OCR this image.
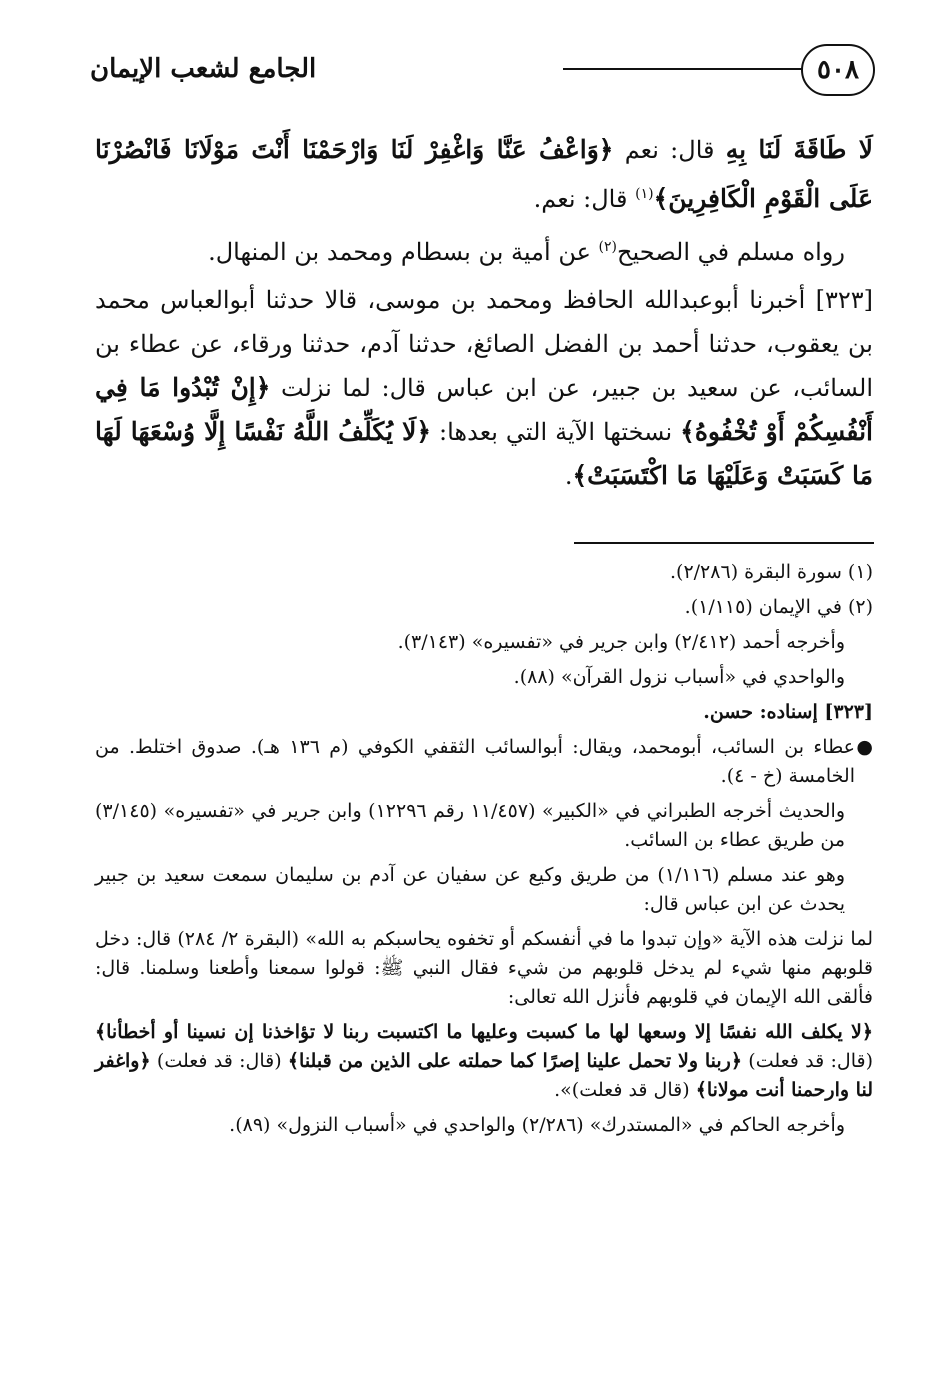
٥٠٨
الجامع لشعب الإيمان

لَا طَاقَةَ لَنَا بِهِ قال: نعم ﴿وَاعْفُ عَنَّا وَاغْفِرْ لَنَا وَارْحَمْنَا أَنْتَ مَوْلَانَا فَانْصُرْنَا عَلَى الْقَوْمِ الْكَافِرِينَ﴾$^{(١)}$ قال: نعم.

رواه مسلم في الصحيح$^{(٢)}$ عن أمية بن بسطام ومحمد بن المنهال.

[٣٢٣] أخبرنا أبوعبدالله الحافظ ومحمد بن موسى، قالا حدثنا أبوالعباس محمد بن يعقوب، حدثنا أحمد بن الفضل الصائغ، حدثنا آدم، حدثنا ورقاء، عن عطاء بن السائب، عن سعيد بن جبير، عن ابن عباس قال: لما نزلت ﴿إِنْ تُبْدُوا مَا فِي أَنْفُسِكُمْ أَوْ تُخْفُوهُ﴾ نسختها الآية التي بعدها: ﴿لَا يُكَلِّفُ اللَّهُ نَفْسًا إِلَّا وُسْعَهَا لَهَا مَا كَسَبَتْ وَعَلَيْهَا مَا اكْتَسَبَتْ﴾.

(١) سورة البقرة (٢/٢٨٦).

(٢) في الإيمان (١/١١٥).

وأخرجه أحمد (٢/٤١٢) وابن جرير في «تفسيره» (٣/١٤٣).

والواحدي في «أسباب نزول القرآن» (٨٨).

[٣٢٣] إسناده: حسن.

●
عطاء بن السائب، أبومحمد، ويقال: أبوالسائب الثقفي الكوفي (م ١٣٦ هـ). صدوق اختلط. من الخامسة (خ - ٤).

والحديث أخرجه الطبراني في «الكبير» (١١/٤٥٧ رقم ١٢٢٩٦) وابن جرير في «تفسيره» (٣/١٤٥) من طريق عطاء بن السائب.

وهو عند مسلم (١/١١٦) من طريق وكيع عن سفيان عن آدم بن سليمان سمعت سعيد بن جبير يحدث عن ابن عباس قال:

لما نزلت هذه الآية «وإن تبدوا ما في أنفسكم أو تخفوه يحاسبكم به الله» (البقرة ٢/ ٢٨٤) قال: دخل قلوبهم منها شيء لم يدخل قلوبهم من شيء فقال النبي ﷺ: قولوا سمعنا وأطعنا وسلمنا. قال: فألقى الله الإيمان في قلوبهم فأنزل الله تعالى:

﴿لا يكلف الله نفسًا إلا وسعها لها ما كسبت وعليها ما اكتسبت ربنا لا تؤاخذنا إن نسينا أو أخطأنا﴾ (قال: قد فعلت) ﴿ربنا ولا تحمل علينا إصرًا كما حملته على الذين من قبلنا﴾ (قال: قد فعلت) ﴿واغفر لنا وارحمنا أنت مولانا﴾ (قال قد فعلت)».

وأخرجه الحاكم في «المستدرك» (٢/٢٨٦) والواحدي في «أسباب النزول» (٨٩).
